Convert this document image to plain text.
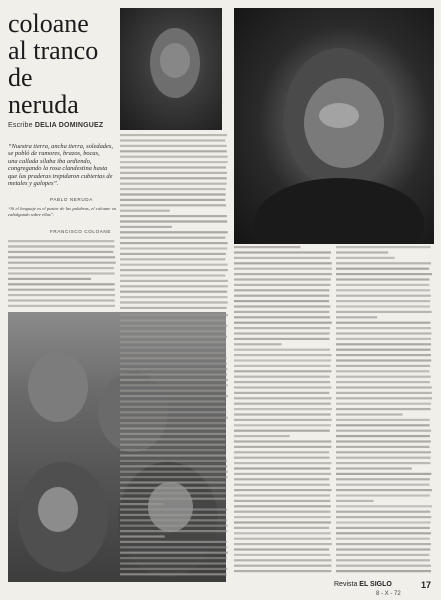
coloane
al tranco
de neruda
Escribe DELIA DOMINGUEZ
“Nuestra tierra, ancha tierra, soledades, se pobló de rumores, brazos, bocas,
una callada sílaba iba ardiendo, congregando la rosa clandestina hasta que las praderas trepidaron cubiertas de metales y galopes”.
PABLO NERUDA
“Si el lenguaje es el pastor de las palabras, el coloane va cabalgando sobre ellas”.
FRANCISCO COLOANE
Revista EL SIGLO	17
8 - X - 72
